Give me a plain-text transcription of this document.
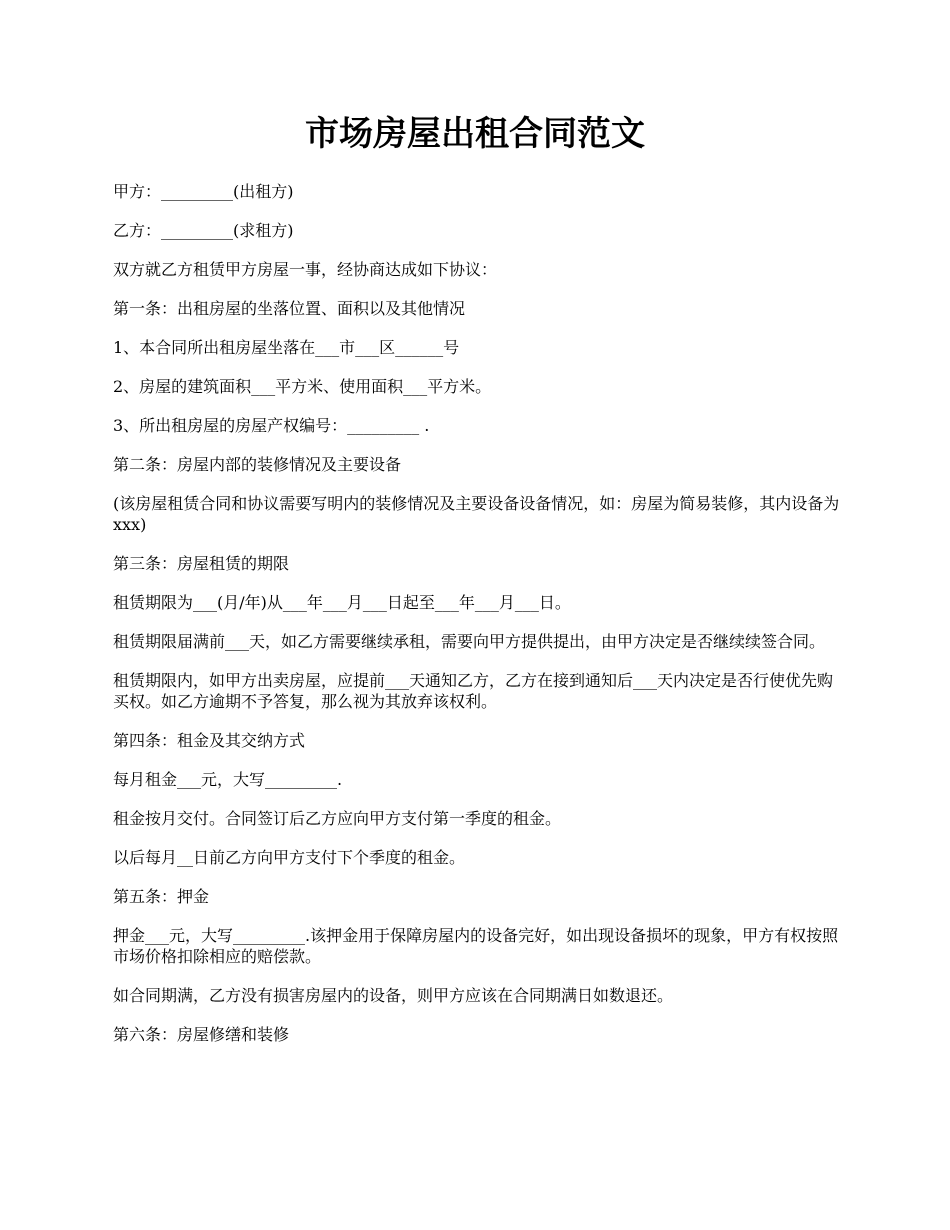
市场房屋出租合同范文

甲方：_________(出租方)

乙方：_________(求租方)

双方就乙方租赁甲方房屋一事，经协商达成如下协议：

第一条：出租房屋的坐落位置、面积以及其他情况

1、本合同所出租房屋坐落在___市___区______号

2、房屋的建筑面积___平方米、使用面积___平方米。

3、所出租房屋的房屋产权编号：_________ .

第二条：房屋内部的装修情况及主要设备

(该房屋租赁合同和协议需要写明内的装修情况及主要设备设备情况，如：房屋为简易装修，其内设备为xxx)

第三条：房屋租赁的期限

租赁期限为___(月/年)从___年___月___日起至___年___月___日。

租赁期限届满前___天，如乙方需要继续承租，需要向甲方提供提出，由甲方决定是否继续续签合同。

租赁期限内，如甲方出卖房屋，应提前___天通知乙方，乙方在接到通知后___天内决定是否行使优先购买权。如乙方逾期不予答复，那么视为其放弃该权利。

第四条：租金及其交纳方式

每月租金___元，大写_________.

租金按月交付。合同签订后乙方应向甲方支付第一季度的租金。

以后每月__日前乙方向甲方支付下个季度的租金。

第五条：押金

押金___元，大写_________.该押金用于保障房屋内的设备完好，如出现设备损坏的现象，甲方有权按照市场价格扣除相应的赔偿款。

如合同期满，乙方没有损害房屋内的设备，则甲方应该在合同期满日如数退还。

第六条：房屋修缮和装修
